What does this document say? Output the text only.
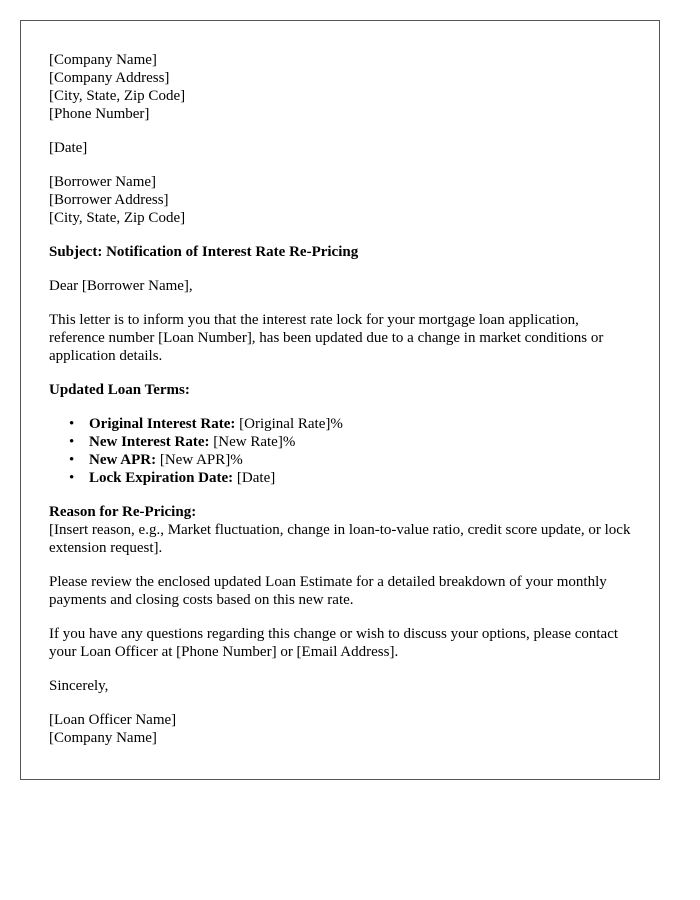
[Company Name]
[Company Address]
[City, State, Zip Code]
[Phone Number]
[Date]
[Borrower Name]
[Borrower Address]
[City, State, Zip Code]
Subject: Notification of Interest Rate Re-Pricing
Dear [Borrower Name],
This letter is to inform you that the interest rate lock for your mortgage loan application, reference number [Loan Number], has been updated due to a change in market conditions or application details.
Updated Loan Terms:
• Original Interest Rate: [Original Rate]%
• New Interest Rate: [New Rate]%
• New APR: [New APR]%
• Lock Expiration Date: [Date]
Reason for Re-Pricing:
[Insert reason, e.g., Market fluctuation, change in loan-to-value ratio, credit score update, or lock extension request].
Please review the enclosed updated Loan Estimate for a detailed breakdown of your monthly payments and closing costs based on this new rate.
If you have any questions regarding this change or wish to discuss your options, please contact your Loan Officer at [Phone Number] or [Email Address].
Sincerely,
[Loan Officer Name]
[Company Name]
